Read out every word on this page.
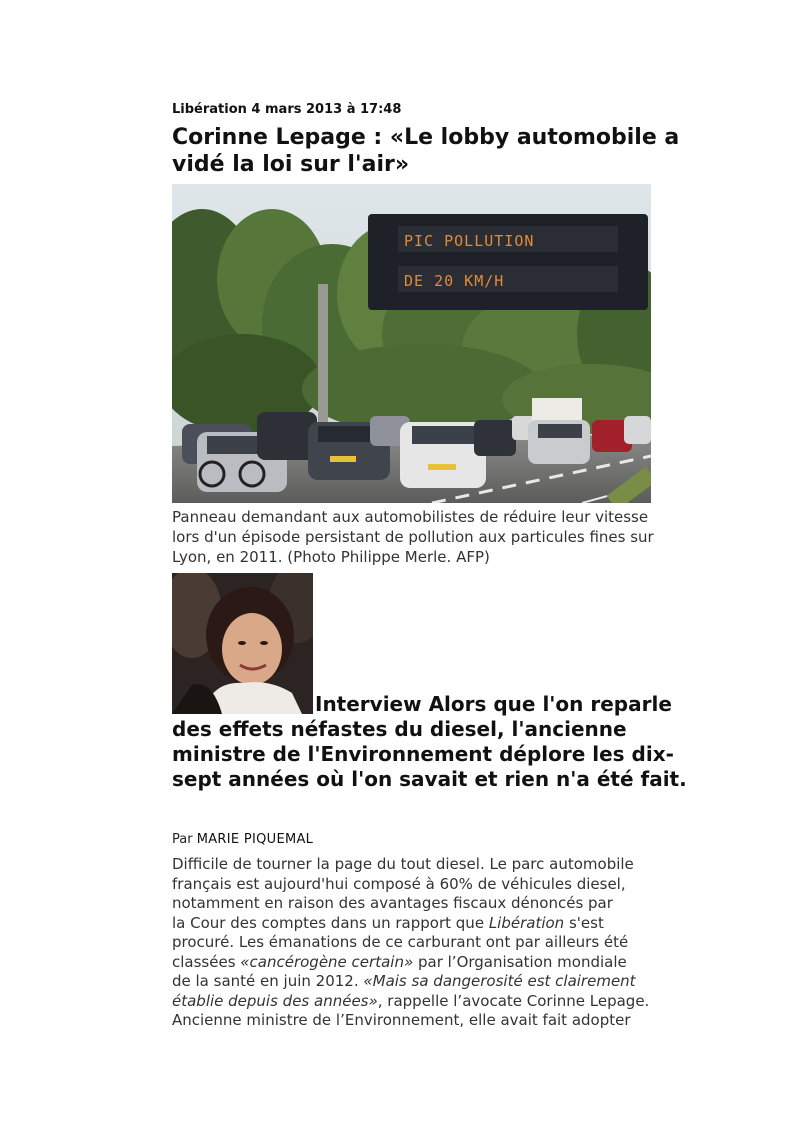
Libération 4 mars 2013 à 17:48
Corinne Lepage : «Le lobby automobile a
vidé la loi sur l'air»
PIC POLLUTION
DE 20 KM/H

Panneau demandant aux automobilistes de réduire leur vitesse
lors d'un épisode persistant de pollution aux particules fines sur
Lyon, en 2011. (Photo Philippe Merle. AFP)

Interview Alors que l'on reparle des effets néfastes du diesel, l'ancienne ministre de l'Environnement déplore les dix-sept années où l'on savait et rien n'a été fait.

Par MARIE PIQUEMAL
Difficile de tourner la page du tout diesel. Le parc automobile
français est aujourd'hui composé à 60% de véhicules diesel,
notamment en raison des avantages fiscaux dénoncés par
la Cour des comptes dans un rapport que Libération s'est
procuré. Les émanations de ce carburant ont par ailleurs été
classées «cancérogène certain» par l’Organisation mondiale
de la santé en juin 2012. «Mais sa dangerosité est clairement
établie depuis des années», rappelle l’avocate Corinne Lepage.
Ancienne ministre de l’Environnement, elle avait fait adopter
